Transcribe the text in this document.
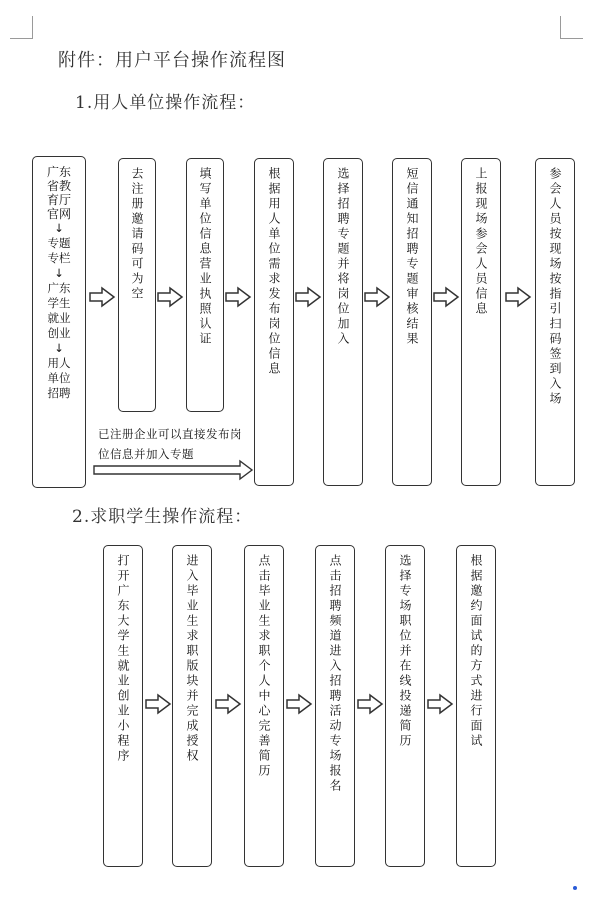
附件：用户平台操作流程图
1.用人单位操作流程：
广东省教育厅官网
↓
专题专栏
↓
广东学生就业创业
↓
用人单位招聘
去注册邀请码可为空	填写单位信息营业执照认证	根据用人单位需求发布岗位信息	选择招聘专题并将岗位加入	短信通知招聘专题审核结果	上报现场参会人员信息	参会人员按现场按指引扫码签到入场
已注册企业可以直接发布岗位信息并加入专题
2.求职学生操作流程：
打开广东大学生就业创业小程序	进入毕业生求职版块并完成授权	点击毕业生求职个人中心完善简历	点击招聘频道进入招聘活动专场报名	选择专场职位并在线投递简历	根据邀约面试的方式进行面试
